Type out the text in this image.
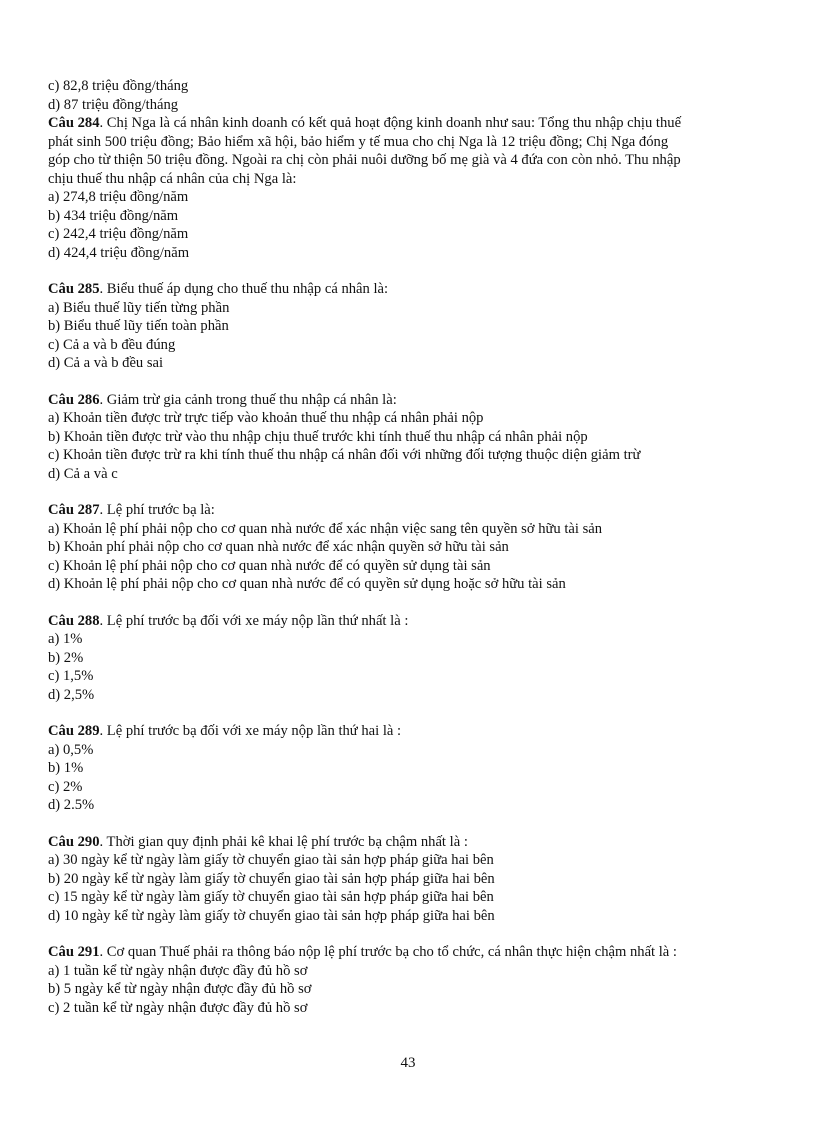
c) 82,8 triệu đồng/tháng
d) 87 triệu đồng/tháng
Câu 284. Chị Nga là cá nhân kinh doanh có kết quả hoạt động kinh doanh như sau: Tổng thu nhập chịu thuế
phát sinh 500 triệu đồng; Bảo hiểm xã hội, bảo hiểm y tế mua cho chị Nga là 12 triệu đồng; Chị Nga đóng
góp cho từ thiện 50 triệu đồng. Ngoài ra chị còn phải nuôi dưỡng bố mẹ già và 4 đứa con còn nhỏ. Thu nhập
chịu thuế thu nhập cá nhân của chị Nga là:
a) 274,8 triệu đồng/năm
b) 434 triệu đồng/năm
c) 242,4 triệu đồng/năm
d) 424,4 triệu đồng/năm
Câu 285. Biểu thuế áp dụng cho thuế thu nhập cá nhân là:
a) Biểu thuế lũy tiến từng phần
b) Biểu thuế lũy tiến toàn phần
c) Cả a và b đều đúng
d) Cả a và b đều sai
Câu 286. Giảm trừ gia cảnh trong thuế thu nhập cá nhân là:
a) Khoản tiền được trừ trực tiếp vào khoản thuế thu nhập cá nhân phải nộp
b) Khoản tiền được trừ vào thu nhập chịu thuế trước khi tính thuế thu nhập cá nhân phải nộp
c) Khoản tiền được trừ ra khi tính thuế thu nhập cá nhân đối với những đối tượng thuộc diện giảm trừ
d) Cả a và c
Câu 287. Lệ phí trước bạ là:
a) Khoản lệ phí phải nộp cho cơ quan nhà nước để xác nhận việc sang tên quyền sở hữu tài sản
b) Khoản phí phải nộp cho cơ quan nhà nước để xác nhận quyền sở hữu tài sản
c) Khoản lệ phí phải nộp cho cơ quan nhà nước để có quyền sử dụng tài sản
d) Khoản lệ phí phải nộp cho cơ quan nhà nước để có quyền sử dụng hoặc sở hữu tài sản
Câu 288. Lệ phí trước bạ đối với xe máy nộp lần thứ nhất là :
a) 1%
b) 2%
c) 1,5%
d) 2,5%
Câu 289. Lệ phí trước bạ đối với xe máy nộp lần thứ hai là :
a) 0,5%
b) 1%
c) 2%
d) 2.5%
Câu 290. Thời gian quy định phải kê khai lệ phí trước bạ chậm nhất là :
a) 30 ngày kể từ ngày làm giấy tờ chuyển giao tài sản hợp pháp giữa hai bên
b) 20 ngày kể từ ngày làm giấy tờ chuyển giao tài sản hợp pháp giữa hai bên
c) 15 ngày kể từ ngày làm giấy tờ chuyển giao tài sản hợp pháp giữa hai bên
d) 10 ngày kể từ ngày làm giấy tờ chuyển giao tài sản hợp pháp giữa hai bên
Câu 291. Cơ quan Thuế phải ra thông báo nộp lệ phí trước bạ cho tổ chức, cá nhân thực hiện chậm nhất là :
a) 1 tuần kể từ ngày nhận được đầy đủ hồ sơ
b) 5 ngày kể từ ngày nhận được đầy đủ hồ sơ
c) 2 tuần kể từ ngày nhận được đầy đủ hồ sơ
43
